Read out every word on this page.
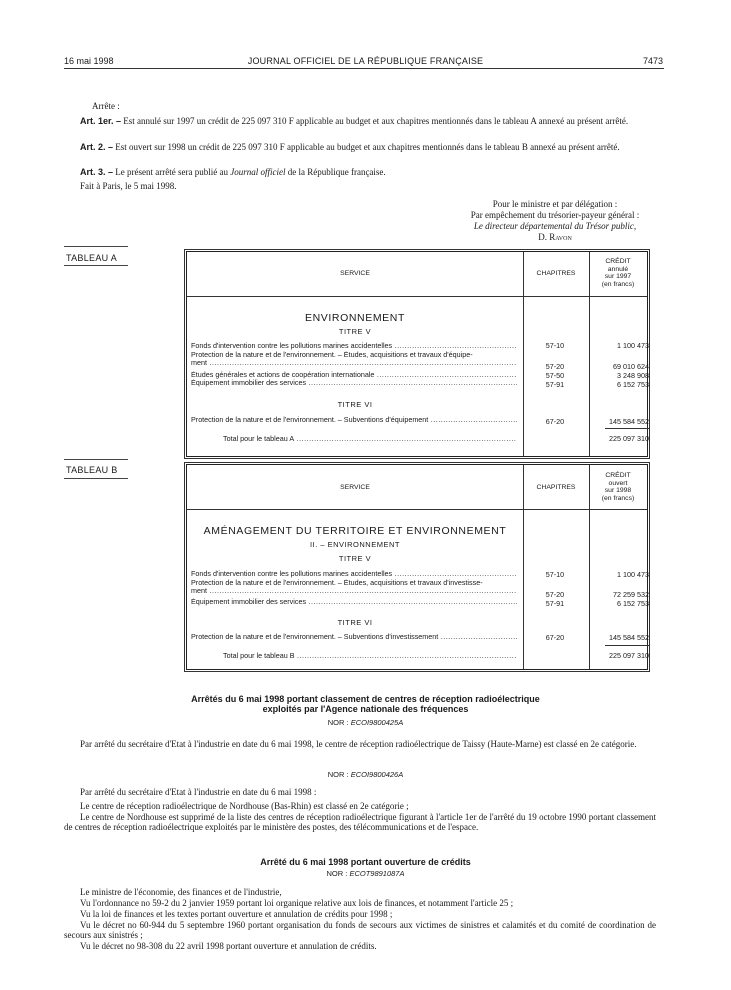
16 mai 1998	JOURNAL OFFICIEL DE LA RÉPUBLIQUE FRANÇAISE	7473
Arrête :
Art. 1er. – Est annulé sur 1997 un crédit de 225 097 310 F applicable au budget et aux chapitres mentionnés dans le tableau A annexé au présent arrêté.
Art. 2. – Est ouvert sur 1998 un crédit de 225 097 310 F applicable au budget et aux chapitres mentionnés dans le tableau B annexé au présent arrêté.
Art. 3. – Le présent arrêté sera publié au Journal officiel de la République française.
Fait à Paris, le 5 mai 1998.
Pour le ministre et par délégation :
Par empêchement du trésorier-payeur général :
Le directeur départemental du Trésor public,
D. Ravon
TABLEAU A
SERVICE	CHAPITRES
CRÉDIT
annulé
sur 1997
(en francs)
ENVIRONNEMENT
TITRE V
Fonds d'intervention contre les pollutions marines accidentelles .....	57-10	1 100 473
Protection de la nature et de l'environnement. – Études, acquisitions et travaux d'équipe-
ment .....	57-20	69 010 624
Études générales et actions de coopération internationale .....	57-50	3 248 908
Équipement immobilier des services .....	57-91	6 152 753
TITRE VI
Protection de la nature et de l'environnement. – Subventions d'équipement .....	67-20	145 584 552
Total pour le tableau A .....	225 097 310
TABLEAU B
SERVICE	CHAPITRES
CRÉDIT
ouvert
sur 1998
(en francs)
AMÉNAGEMENT DU TERRITOIRE ET ENVIRONNEMENT
II. – ENVIRONNEMENT
TITRE V
Fonds d'intervention contre les pollutions marines accidentelles .....	57-10	1 100 473
Protection de la nature et de l'environnement. – Études, acquisitions et travaux d'investisse-
ment .....	57-20	72 259 532
Équipement immobilier des services .....	57-91	6 152 753
TITRE VI
Protection de la nature et de l'environnement. – Subventions d'investissement .....	67-20	145 584 552
Total pour le tableau B .....	225 097 310
Arrêtés du 6 mai 1998 portant classement de centres de réception radioélectrique
exploités par l'Agence nationale des fréquences
NOR : ECOI9800425A
Par arrêté du secrétaire d'Etat à l'industrie en date du 6 mai 1998, le centre de réception radioélectrique de Taissy (Haute-Marne) est classé en 2e catégorie.
NOR : ECOI9800426A
Par arrêté du secrétaire d'Etat à l'industrie en date du 6 mai 1998 :
Le centre de réception radioélectrique de Nordhouse (Bas-Rhin) est classé en 2e catégorie ;
Le centre de Nordhouse est supprimé de la liste des centres de réception radioélectrique figurant à l'article 1er de l'arrêté du 19 octobre 1990 portant classement de centres de réception radioélectrique exploités par le ministère des postes, des télécommunications et de l'espace.
Arrêté du 6 mai 1998 portant ouverture de crédits
NOR : ECOT9891087A
Le ministre de l'économie, des finances et de l'industrie,
Vu l'ordonnance no 59-2 du 2 janvier 1959 portant loi organique relative aux lois de finances, et notamment l'article 25 ;
Vu la loi de finances et les textes portant ouverture et annulation de crédits pour 1998 ;
Vu le décret no 60-944 du 5 septembre 1960 portant organisation du fonds de secours aux victimes de sinistres et calamités et du comité de coordination de secours aux sinistrés ;
Vu le décret no 98-308 du 22 avril 1998 portant ouverture et annulation de crédits.
